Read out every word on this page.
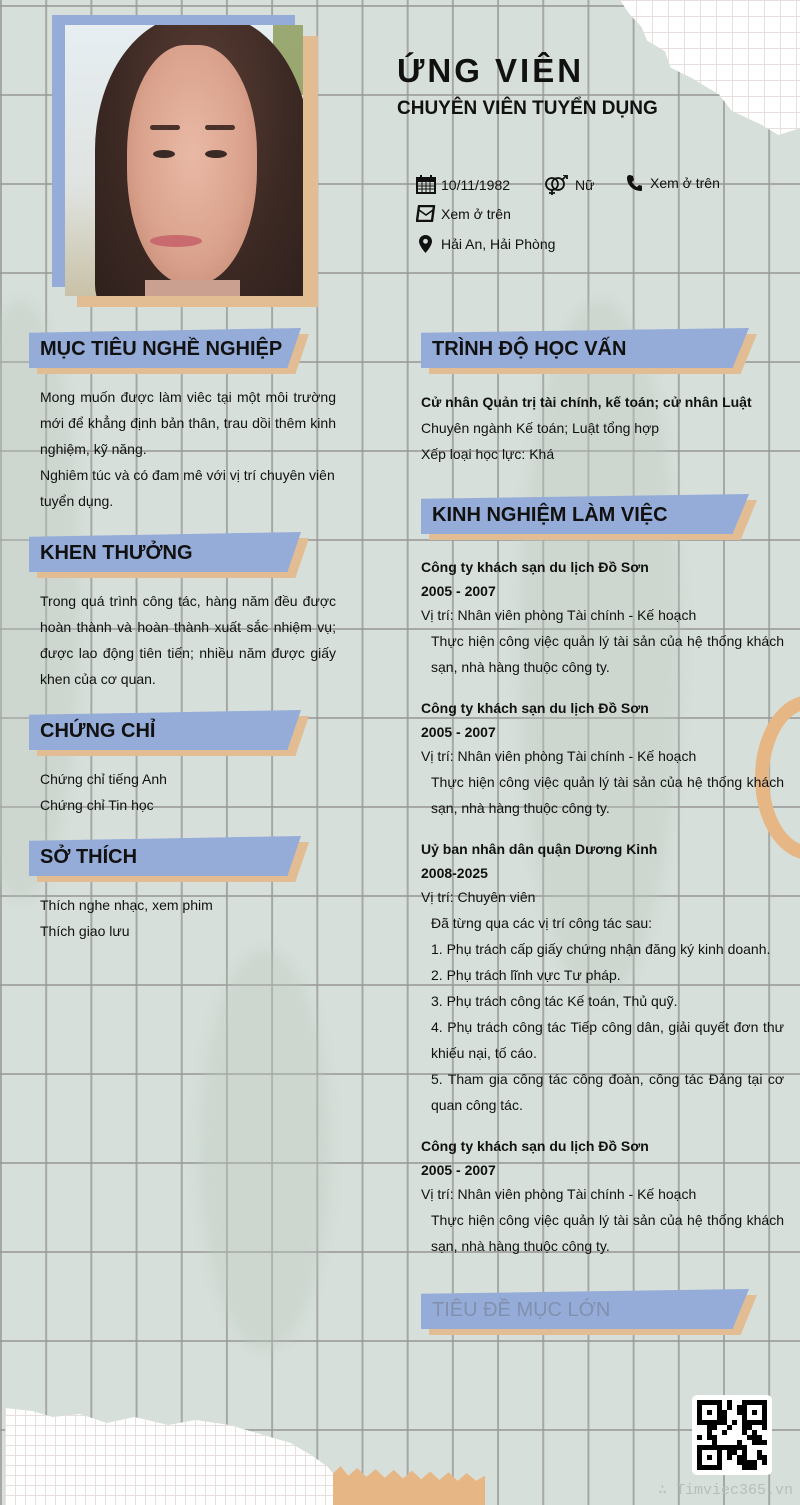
ỨNG VIÊN
CHUYÊN VIÊN TUYỂN DỤNG
10/11/1982	Nữ	Xem ở trên
Xem ở trên
Hải An, Hải Phòng
MỤC TIÊU NGHỀ NGHIỆP
Mong muốn được làm viêc tại một môi trường mới để khẳng định bản thân, trau dồi thêm kinh nghiệm, kỹ năng.
Nghiêm túc và có đam mê với vị trí chuyên viên tuyển dụng.
KHEN THƯỞNG
Trong quá trình công tác, hàng năm đều được hoàn thành và hoàn thành xuất sắc nhiệm vụ; được lao động tiên tiến; nhiều năm được giấy khen của cơ quan.
CHỨNG CHỈ
Chứng chỉ tiếng Anh
Chứng chỉ Tin học
SỞ THÍCH
Thích nghe nhạc, xem phim
Thích giao lưu
TRÌNH ĐỘ HỌC VẤN
Cử nhân Quản trị tài chính, kế toán; cử nhân Luật
Chuyên ngành Kế toán; Luật tổng hợp
Xếp loại học lực: Khá
KINH NGHIỆM LÀM VIỆC
Công ty khách sạn du lịch Đồ Sơn
2005 - 2007
Vị trí: Nhân viên phòng Tài chính - Kế hoạch
Thực hiện công việc quản lý tài sản của hệ thống khách sạn, nhà hàng thuộc công ty.
Công ty khách sạn du lịch Đồ Sơn
2005 - 2007
Vị trí: Nhân viên phòng Tài chính - Kế hoạch
Thực hiện công việc quản lý tài sản của hệ thống khách sạn, nhà hàng thuộc công ty.
Uỷ ban nhân dân quận Dương Kinh
2008-2025
Vị trí: Chuyên viên
Đã từng qua các vị trí công tác sau:
1. Phụ trách cấp giấy chứng nhận đăng ký kinh doanh.
2. Phụ trách lĩnh vực Tư pháp.
3. Phụ trách công tác Kế toán, Thủ quỹ.
4. Phụ trách công tác Tiếp công dân, giải quyết đơn thư khiếu nại, tố cáo.
5. Tham gia công tác công đoàn, công tác Đảng tại cơ quan công tác.
Công ty khách sạn du lịch Đồ Sơn
2005 - 2007
Vị trí: Nhân viên phòng Tài chính - Kế hoạch
Thực hiện công việc quản lý tài sản của hệ thống khách sạn, nhà hàng thuộc công ty.
TIÊU ĐỀ MỤC LỚN
∴ Timviec365.vn
